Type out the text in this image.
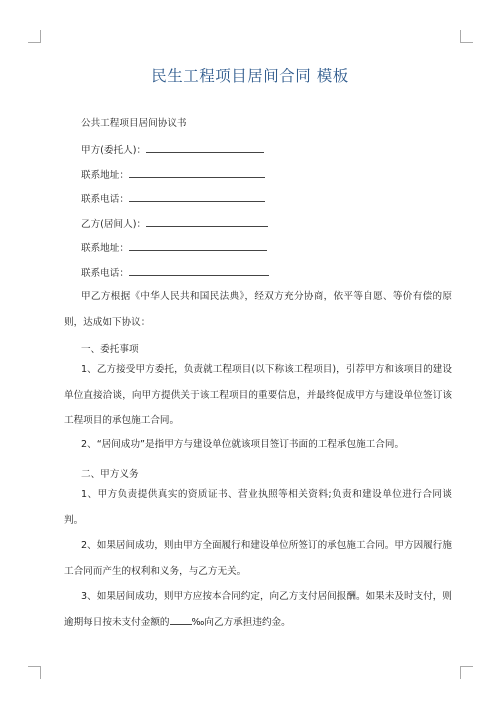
民生工程项目居间合同 模板
公共工程项目居间协议书
甲方(委托人)：
联系地址：
联系电话：
乙方(居间人)：
联系地址：
联系电话：

甲乙方根据《中华人民共和国民法典》，经双方充分协商，依平等自愿、等价有偿的原则，达成如下协议：

一、委托事项

1、乙方接受甲方委托，负责就工程项目(以下称该工程项目)，引荐甲方和该项目的建设单位直接洽谈，向甲方提供关于该工程项目的重要信息，并最终促成甲方与建设单位签订该工程项目的承包施工合同。

2、“居间成功”是指甲方与建设单位就该项目签订书面的工程承包施工合同。

二、甲方义务

1、甲方负责提供真实的资质证书、营业执照等相关资料;负责和建设单位进行合同谈判。

2、如果居间成功，则由甲方全面履行和建设单位所签订的承包施工合同。甲方因履行施工合同而产生的权利和义务，与乙方无关。

3、如果居间成功，则甲方应按本合同约定，向乙方支付居间报酬。如果未及时支付，则逾期每日按未支付金额的 ‰向乙方承担违约金。
